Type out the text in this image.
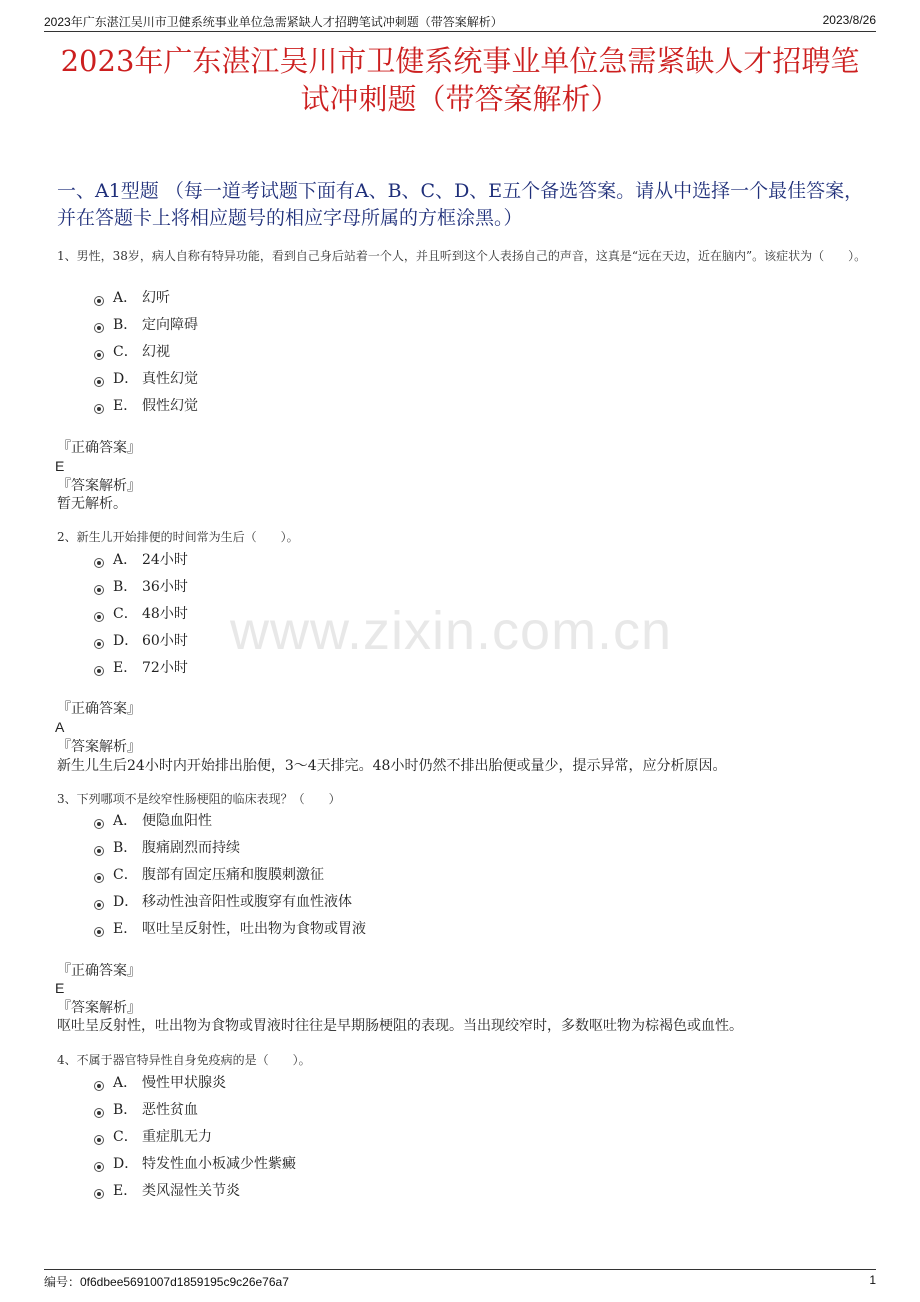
2023年广东湛江吴川市卫健系统事业单位急需紧缺人才招聘笔试冲刺题（带答案解析）	2023/8/26
2023年广东湛江吴川市卫健系统事业单位急需紧缺人才招聘笔
试冲刺题（带答案解析）
一、A1型题 （每一道考试题下面有A、B、C、D、E五个备选答案。请从中选择一个最佳答案，并在答题卡上将相应题号的相应字母所属的方框涂黑。）
www.zixin.com.cn
1、男性，38岁，病人自称有特异功能，看到自己身后站着一个人，并且听到这个人表扬自己的声音，这真是“远在天边，近在脑内”。该症状为（　　）。
A． 幻听
B． 定向障碍
C． 幻视
D． 真性幻觉
E． 假性幻觉
『正确答案』
E
『答案解析』
暂无解析。
2、新生儿开始排便的时间常为生后（　　）。
A． 24小时
B． 36小时
C． 48小时
D． 60小时
E． 72小时
『正确答案』
A
『答案解析』
新生儿生后24小时内开始排出胎便，3～4天排完。48小时仍然不排出胎便或量少，提示异常，应分析原因。
3、下列哪项不是绞窄性肠梗阻的临床表现？（　　）
A． 便隐血阳性
B． 腹痛剧烈而持续
C． 腹部有固定压痛和腹膜刺激征
D． 移动性浊音阳性或腹穿有血性液体
E． 呕吐呈反射性，吐出物为食物或胃液
『正确答案』
E
『答案解析』
呕吐呈反射性，吐出物为食物或胃液时往往是早期肠梗阻的表现。当出现绞窄时，多数呕吐物为棕褐色或血性。
4、不属于器官特异性自身免疫病的是（　　）。
A． 慢性甲状腺炎
B． 恶性贫血
C． 重症肌无力
D． 特发性血小板减少性紫癜
E． 类风湿性关节炎
编号：0f6dbee5691007d1859195c9c26e76a7	1
